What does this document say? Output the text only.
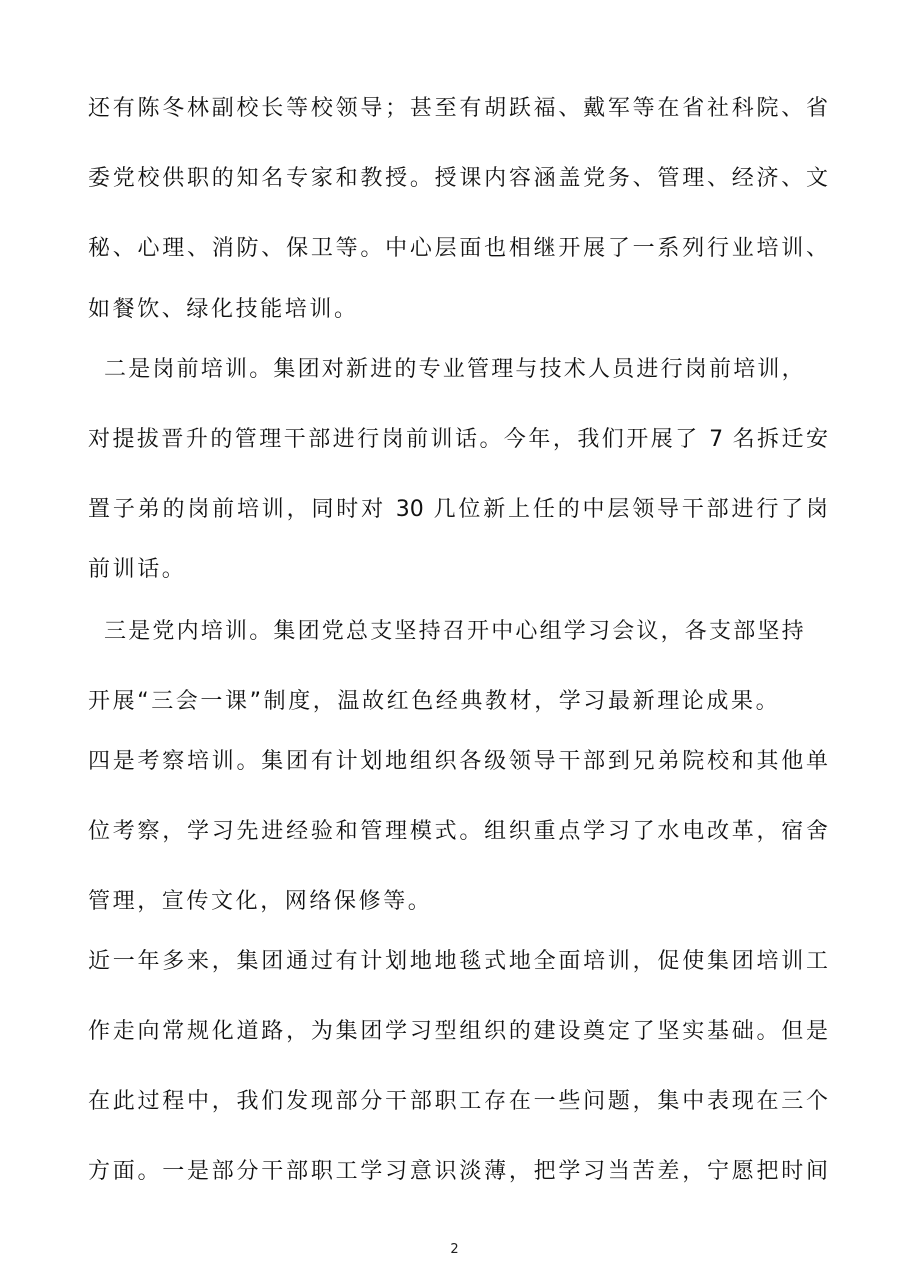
还有陈冬林副校长等校领导；甚至有胡跃福、戴军等在省社科院、省
委党校供职的知名专家和教授。授课内容涵盖党务、管理、经济、文
秘、心理、消防、保卫等。中心层面也相继开展了一系列行业培训、
如餐饮、绿化技能培训。
二是岗前培训。集团对新进的专业管理与技术人员进行岗前培训，
对提拔晋升的管理干部进行岗前训话。今年，我们开展了 7 名拆迁安
置子弟的岗前培训，同时对 30 几位新上任的中层领导干部进行了岗
前训话。
三是党内培训。集团党总支坚持召开中心组学习会议，各支部坚持
开展“三会一课”制度，温故红色经典教材，学习最新理论成果。
四是考察培训。集团有计划地组织各级领导干部到兄弟院校和其他单
位考察，学习先进经验和管理模式。组织重点学习了水电改革，宿舍
管理，宣传文化，网络保修等。
近一年多来，集团通过有计划地地毯式地全面培训，促使集团培训工
作走向常规化道路，为集团学习型组织的建设奠定了坚实基础。但是
在此过程中，我们发现部分干部职工存在一些问题，集中表现在三个
方面。一是部分干部职工学习意识淡薄，把学习当苦差，宁愿把时间
2
